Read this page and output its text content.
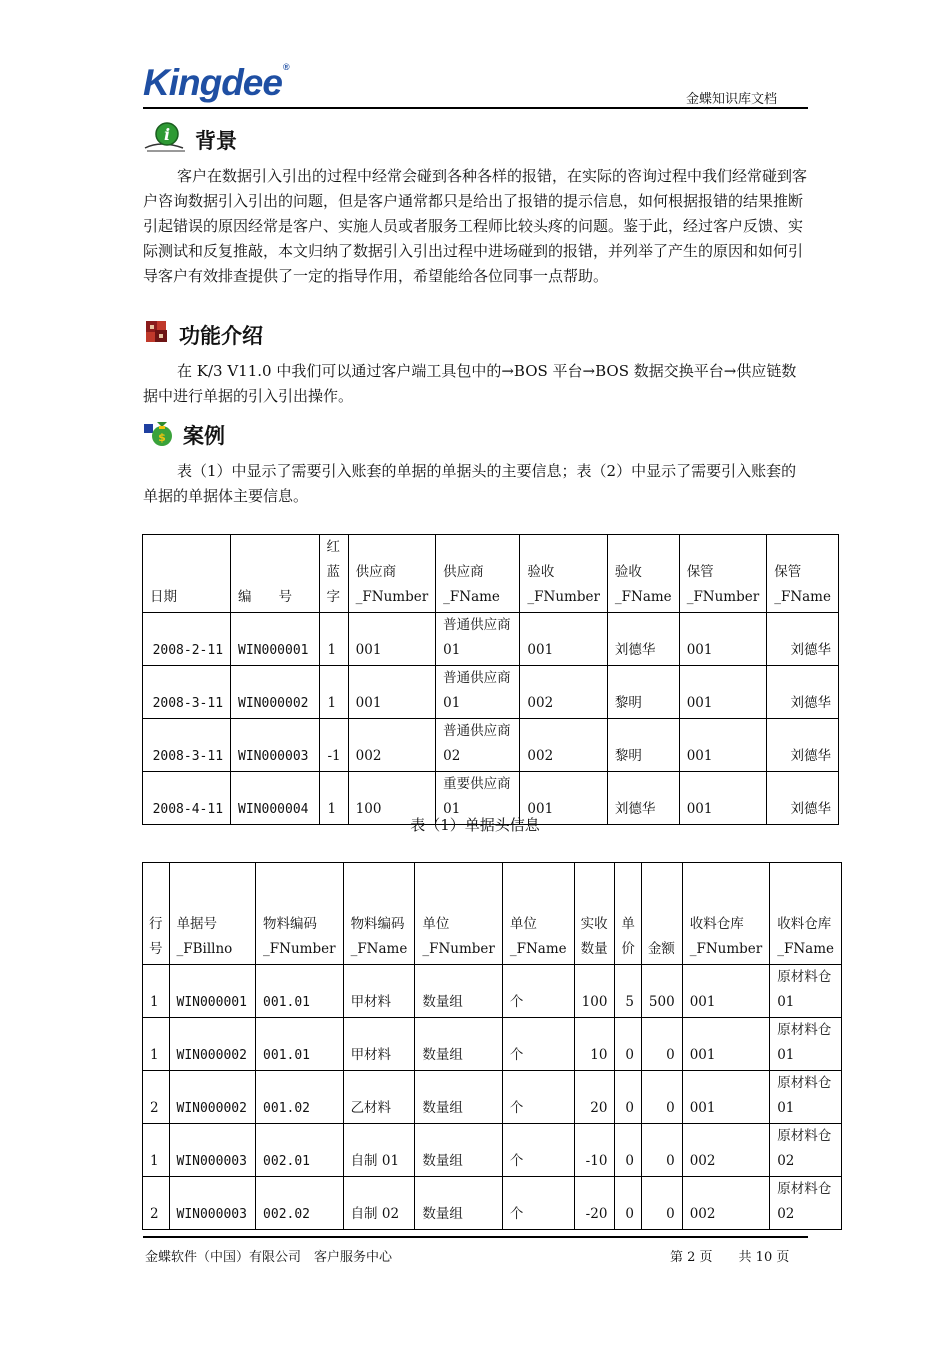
Kingdee®
金蝶知识库文档
i 背景
客户在数据引入引出的过程中经常会碰到各种各样的报错，在实际的咨询过程中我们经常碰到客户咨询数据引入引出的问题，但是客户通常都只是给出了报错的提示信息，如何根据报错的结果推断引起错误的原因经常是客户、实施人员或者服务工程师比较头疼的问题。鉴于此，经过客户反馈、实际测试和反复推敲，本文归纳了数据引入引出过程中进场碰到的报错，并列举了产生的原因和如何引导客户有效排查提供了一定的指导作用，希望能给各位同事一点帮助。
功能介绍
在 K/3 V11.0 中我们可以通过客户端工具包中的→BOS 平台→BOS 数据交换平台→供应链数据中进行单据的引入引出操作。
$ 案例
表（1）中显示了需要引入账套的单据的单据头的主要信息；表（2）中显示了需要引入账套的单据的单据体主要信息。
日期	编　　号	红蓝字	供应商_FNumber	供应商_FName	验收_FNumber	验收_FName	保管_FNumber	保管_FName
2008-2-11	WIN000001	1	001	普通供应商 01	001	刘德华	001	刘德华
2008-3-11	WIN000002	1	001	普通供应商 01	002	黎明	001	刘德华
2008-3-11	WIN000003	-1	002	普通供应商 02	002	黎明	001	刘德华
2008-4-11	WIN000004	1	100	重要供应商 01	001	刘德华	001	刘德华
表（1）单据头信息
行号	单据号_FBillno	物料编码_FNumber	物料编码_FName	单位_FNumber	单位_FName	实收数量	单价	金额	收料仓库_FNumber	收料仓库_FName
1	WIN000001	001.01	甲材料	数量组	个	100	5	500	001	原材料仓 01
1	WIN000002	001.01	甲材料	数量组	个	10	0	0	001	原材料仓 01
2	WIN000002	001.02	乙材料	数量组	个	20	0	0	001	原材料仓 01
1	WIN000003	002.01	自制 01	数量组	个	-10	0	0	002	原材料仓 02
2	WIN000003	002.02	自制 02	数量组	个	-20	0	0	002	原材料仓 02
金蝶软件（中国）有限公司　客户服务中心	第 2 页　　共 10 页
